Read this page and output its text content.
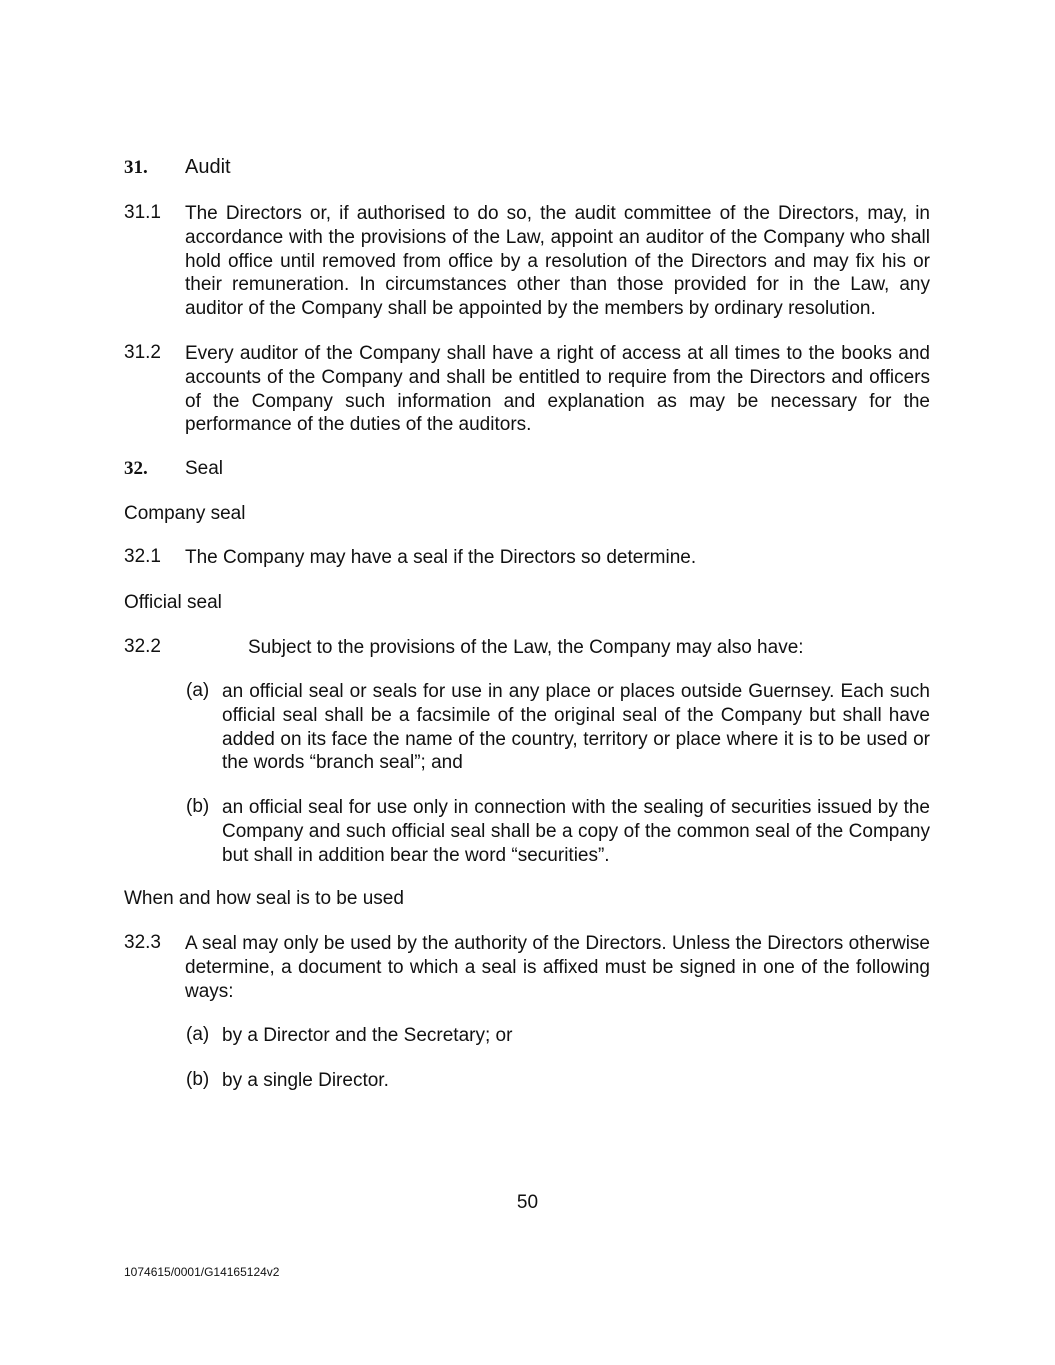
31.	Audit
31.1	The Directors or, if authorised to do so, the audit committee of the Directors, may, in accordance with the provisions of the Law, appoint an auditor of the Company who shall hold office until removed from office by a resolution of the Directors and may fix his or their remuneration. In circumstances other than those provided for in the Law, any auditor of the Company shall be appointed by the members by ordinary resolution.
31.2	Every auditor of the Company shall have a right of access at all times to the books and accounts of the Company and shall be entitled to require from the Directors and officers of the Company such information and explanation as may be necessary for the performance of the duties of the auditors.
32.	Seal
Company seal
32.1	The Company may have a seal if the Directors so determine.
Official seal
32.2	Subject to the provisions of the Law, the Company may also have:
(a) an official seal or seals for use in any place or places outside Guernsey. Each such official seal shall be a facsimile of the original seal of the Company but shall have added on its face the name of the country, territory or place where it is to be used or the words “branch seal”; and
(b) an official seal for use only in connection with the sealing of securities issued by the Company and such official seal shall be a copy of the common seal of the Company but shall in addition bear the word “securities”.
When and how seal is to be used
32.3	A seal may only be used by the authority of the Directors. Unless the Directors otherwise determine, a document to which a seal is affixed must be signed in one of the following ways:
(a) by a Director and the Secretary; or
(b) by a single Director.
50
1074615/0001/G14165124v2
